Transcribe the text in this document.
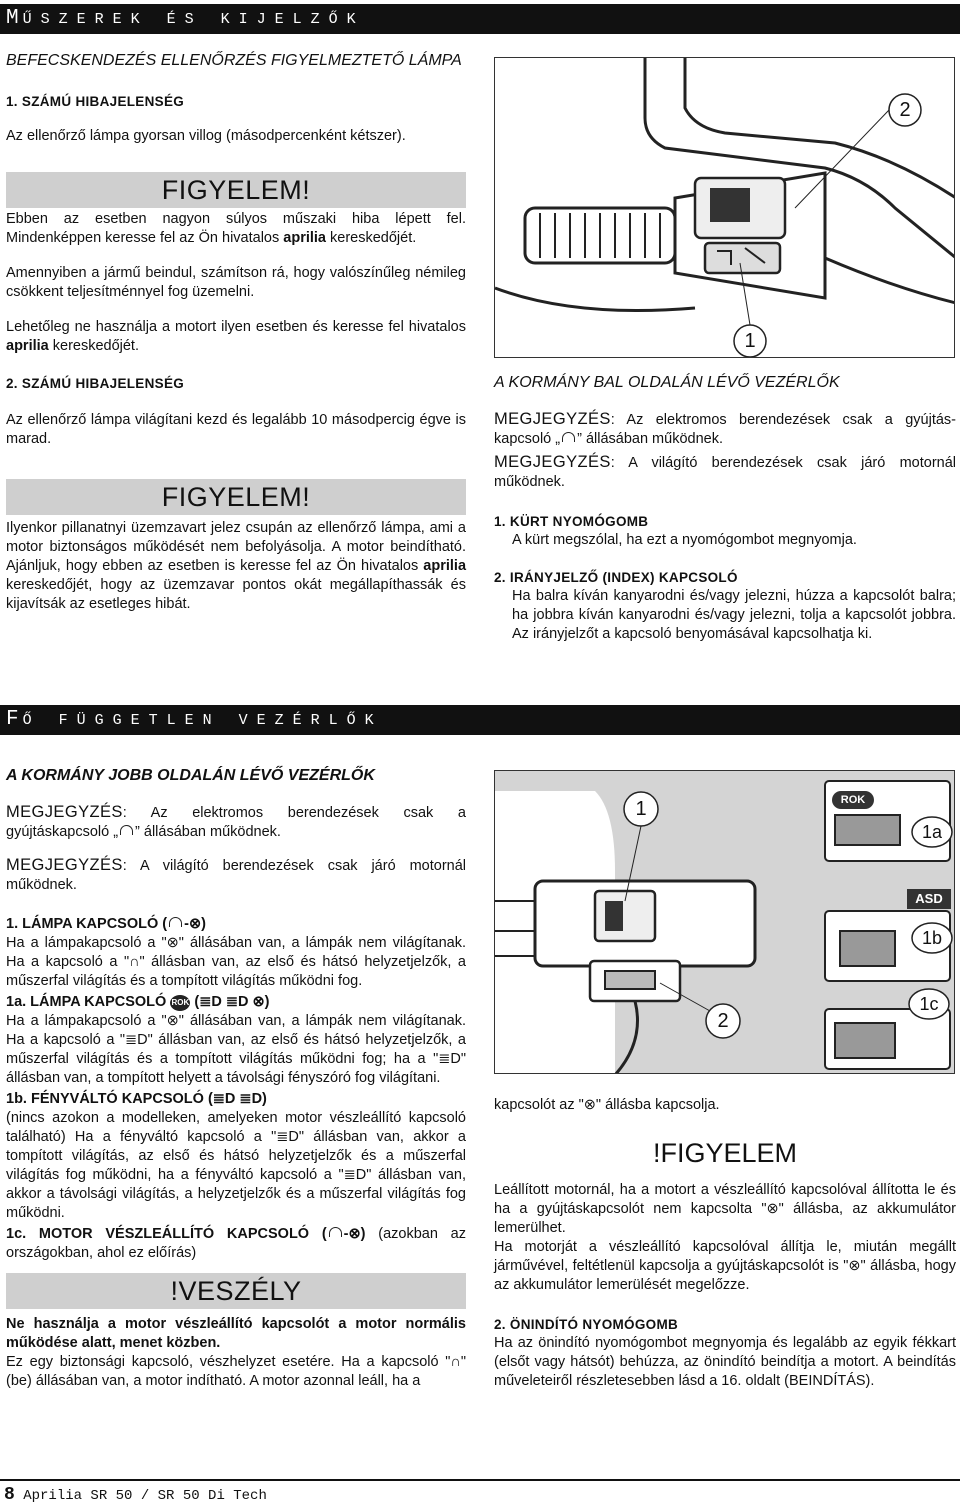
MŰSZEREK ÉS KIJELZŐK
BEFECSKENDEZÉS ELLENŐRZÉS FIGYELMEZTETŐ LÁMPA
1. SZÁMÚ HIBAJELENSÉG
Az ellenőrző lámpa gyorsan villog (másodpercenként kétszer).
FIGYELEM!
Ebben az esetben nagyon súlyos műszaki hiba lépett fel. Mindenképpen keresse fel az Ön hivatalos aprilia kereskedőjét.
Amennyiben a jármű beindul, számítson rá, hogy valószínűleg némileg csökkent teljesítménnyel fog üzemelni.
Lehetőleg ne használja a motort ilyen esetben és keresse fel hivatalos aprilia kereskedőjét.
2. SZÁMÚ HIBAJELENSÉG
Az ellenőrző lámpa világítani kezd és legalább 10 másodpercig égve is marad.
FIGYELEM!
Ilyenkor pillanatnyi üzemzavart jelez csupán az ellenőrző lámpa, ami a motor biztonságos működését nem befolyásolja. A motor beindítható. Ajánljuk, hogy ebben az esetben is keresse fel az Ön hivatalos aprilia kereskedőjét, hogy az üzemzavar pontos okát megállapíthassák és kijavítsák az esetleges hibát.
2
1
A KORMÁNY BAL OLDALÁN LÉVŐ VEZÉRLŐK
MEGJEGYZÉS: Az elektromos berendezések csak a gyújtás-kapcsoló „ ” állásában működnek.
MEGJEGYZÉS: A világító berendezések csak járó motornál működnek.
1. KÜRT NYOMÓGOMB
A kürt megszólal, ha ezt a nyomógombot megnyomja.
2. IRÁNYJELZŐ (INDEX) KAPCSOLÓ
Ha balra kíván kanyarodni és/vagy jelezni, húzza a kapcsolót balra; ha jobbra kíván kanyarodni és/vagy jelezni, tolja a kapcsolót jobbra. Az irányjelzőt a kapcsoló benyomásával kapcsolhatja ki.
FŐ FÜGGETLEN VEZÉRLŐK
A KORMÁNY JOBB OLDALÁN LÉVŐ VEZÉRLŐK
MEGJEGYZÉS: Az elektromos berendezések csak a gyújtáskapcsoló „ ” állásában működnek.
MEGJEGYZÉS: A világító berendezések csak járó motornál működnek.
1. LÁMPA KAPCSOLÓ ( -⊗)
Ha a lámpakapcsoló a "⊗" állásában van, a lámpák nem világítanak. Ha a kapcsoló a "∩" állásban van, az első és hátsó helyzetjelzők, a műszerfal világítás és a tompított világítás működni fog.
1a. LÁMPA KAPCSOLÓ ROK (≣D ≣D ⊗)
Ha a lámpakapcsoló a "⊗" állásában van, a lámpák nem világítanak. Ha a kapcsoló a "≣D" állásban van, az első és hátsó helyzetjelzők, a műszerfal világítás és a tompított világítás működni fog; ha a "≣D" állásban van, a tompított helyett a távolsági fényszóró fog világítani.
1b. FÉNYVÁLTÓ KAPCSOLÓ (≣D ≣D)
(nincs azokon a modelleken, amelyeken motor vészleállító kapcsoló található) Ha a fényváltó kapcsoló a "≣D" állásban van, akkor a tompított világítás, az első és hátsó helyzetjelzők és a műszerfal világítás fog működni, ha a fényváltó kapcsoló a "≣D" állásban van, akkor a távolsági világítás, a helyzetjelzők és a műszerfal világítás fog működni.
1c. MOTOR VÉSZLEÁLLÍTÓ KAPCSOLÓ ( -⊗) (azokban az országokban, ahol ez előírás)
!VESZÉLY
Ne használja a motor vészleállító kapcsolót a motor normális működése alatt, menet közben.
Ez egy biztonsági kapcsoló, vészhelyzet esetére. Ha a kapcsoló "∩" (be) állásában van, a motor indítható. A motor azonnal leáll, ha a
1
2
1a
1b
1c
ROK
ASD
kapcsolót az "⊗" állásba kapcsolja.
!FIGYELEM
Leállított motornál, ha a motort a vészleállító kapcsolóval állította le és ha a gyújtáskapcsolót nem kapcsolta "⊗" állásba, az akkumulátor lemerülhet.
Ha motorját a vészleállító kapcsolóval állítja le, miután megállt járművével, feltétlenül kapcsolja a gyújtáskapcsolót is "⊗" állásba, hogy az akkumulátor lemerülését megelőzze.
2. ÖNINDÍTÓ NYOMÓGOMB
Ha az önindító nyomógombot megnyomja és legalább az egyik fékkart (elsőt vagy hátsót) behúzza, az önindító beindítja a motort. A beindítás műveleteiről részletesebben lásd a 16. oldalt (BEINDÍTÁS).
8 Aprilia SR 50 / SR 50 Di Tech
